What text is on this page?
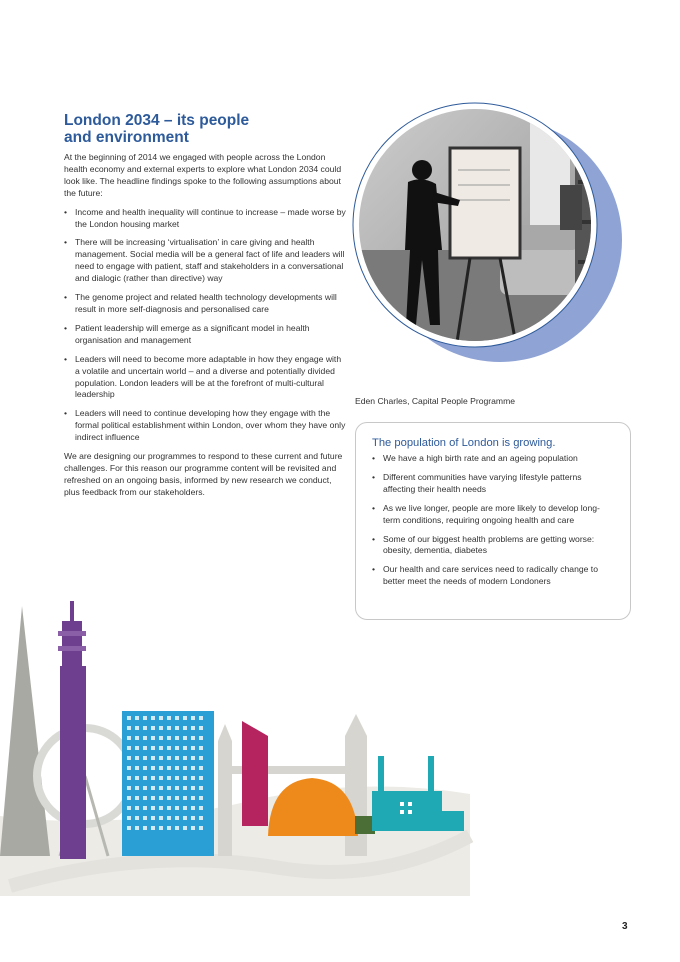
London 2034 – its people
and environment

At the beginning of 2014 we engaged with people across the London health economy and external experts to explore what London 2034 could look like. The headline findings spoke to the following assumptions about the future:

• Income and health inequality will continue to increase – made worse by the London housing market
• There will be increasing ‘virtualisation’ in care giving and health management. Social media will be a general fact of life and leaders will need to engage with patient, staff and stakeholders in a conversational and dialogic (rather than directive) way
• The genome project and related health technology developments will result in more self-diagnosis and personalised care
• Patient leadership will emerge as a significant model in health organisation and management
• Leaders will need to become more adaptable in how they engage with a volatile and uncertain world – and a diverse and potentially divided population. London leaders will be at the forefront of multi-cultural leadership
• Leaders will need to continue developing how they engage with the formal political establishment within London, over whom they have only indirect influence

We are designing our programmes to respond to these current and future challenges. For this reason our programme content will be revisited and refreshed on an ongoing basis, informed by new research we conduct, plus feedback from our stakeholders.

Eden Charles, Capital People Programme
The population of London is growing.
• We have a high birth rate and an ageing population
• Different communities have varying lifestyle patterns affecting their health needs
• As we live longer, people are more likely to develop long-term conditions, requiring ongoing health and care
• Some of our biggest health problems are getting worse: obesity, dementia, diabetes
• Our health and care services need to radically change to better meet the needs of modern Londoners
3
